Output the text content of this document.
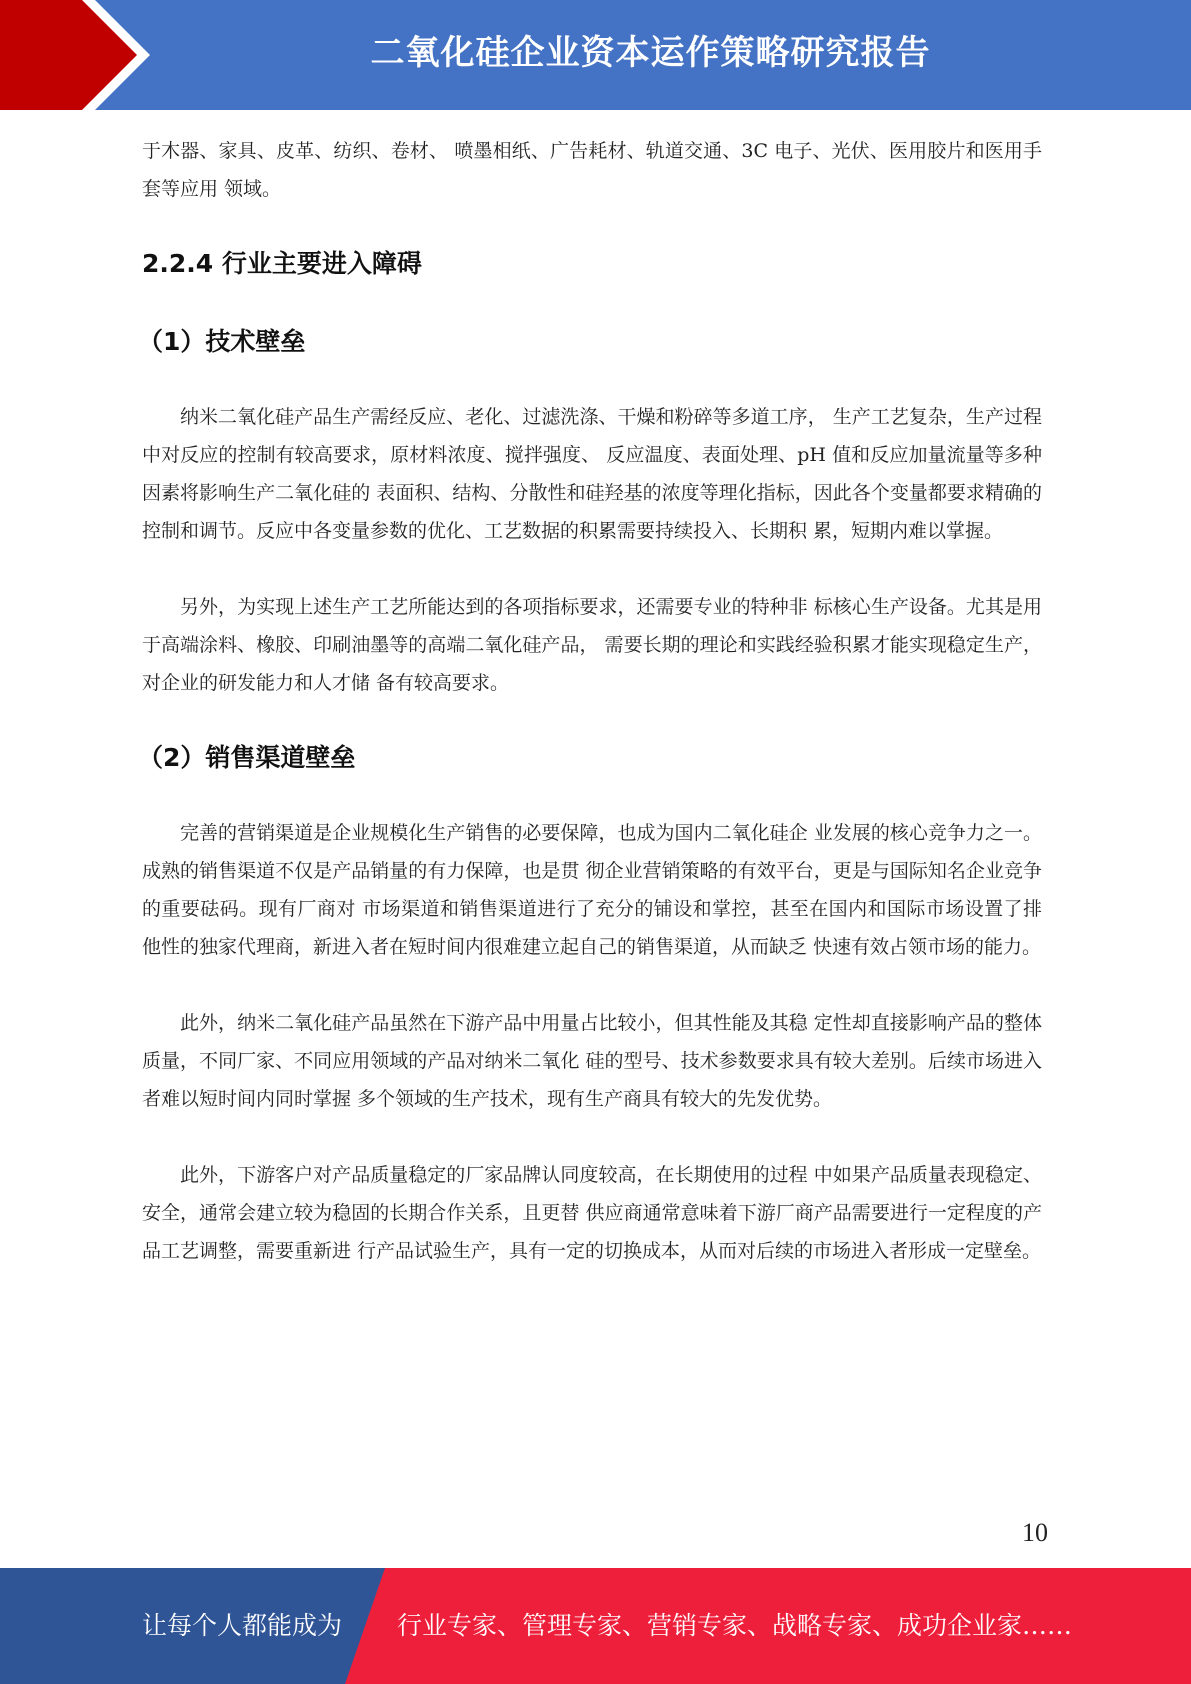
二氧化硅企业资本运作策略研究报告

于木器、家具、皮革、纺织、卷材、 喷墨相纸、广告耗材、轨道交通、3C 电子、光伏、医用胶片和医用手套等应用 领域。

2.2.4 行业主要进入障碍
（1）技术壁垒

纳米二氧化硅产品生产需经反应、老化、过滤洗涤、干燥和粉碎等多道工序， 生产工艺复杂，生产过程中对反应的控制有较高要求，原材料浓度、搅拌强度、 反应温度、表面处理、pH 值和反应加量流量等多种因素将影响生产二氧化硅的 表面积、结构、分散性和硅羟基的浓度等理化指标，因此各个变量都要求精确的 控制和调节。反应中各变量参数的优化、工艺数据的积累需要持续投入、长期积 累，短期内难以掌握。

另外，为实现上述生产工艺所能达到的各项指标要求，还需要专业的特种非 标核心生产设备。尤其是用于高端涂料、橡胶、印刷油墨等的高端二氧化硅产品， 需要长期的理论和实践经验积累才能实现稳定生产，对企业的研发能力和人才储 备有较高要求。

（2）销售渠道壁垒

完善的营销渠道是企业规模化生产销售的必要保障，也成为国内二氧化硅企 业发展的核心竞争力之一。成熟的销售渠道不仅是产品销量的有力保障，也是贯 彻企业营销策略的有效平台，更是与国际知名企业竞争的重要砝码。现有厂商对 市场渠道和销售渠道进行了充分的铺设和掌控，甚至在国内和国际市场设置了排 他性的独家代理商，新进入者在短时间内很难建立起自己的销售渠道，从而缺乏 快速有效占领市场的能力。

此外，纳米二氧化硅产品虽然在下游产品中用量占比较小，但其性能及其稳 定性却直接影响产品的整体质量，不同厂家、不同应用领域的产品对纳米二氧化 硅的型号、技术参数要求具有较大差别。后续市场进入者难以短时间内同时掌握 多个领域的生产技术，现有生产商具有较大的先发优势。

此外，下游客户对产品质量稳定的厂家品牌认同度较高，在长期使用的过程 中如果产品质量表现稳定、安全，通常会建立较为稳固的长期合作关系，且更替 供应商通常意味着下游厂商产品需要进行一定程度的产品工艺调整，需要重新进 行产品试验生产，具有一定的切换成本，从而对后续的市场进入者形成一定壁垒。

10
让每个人都能成为 行业专家、管理专家、营销专家、战略专家、成功企业家……
